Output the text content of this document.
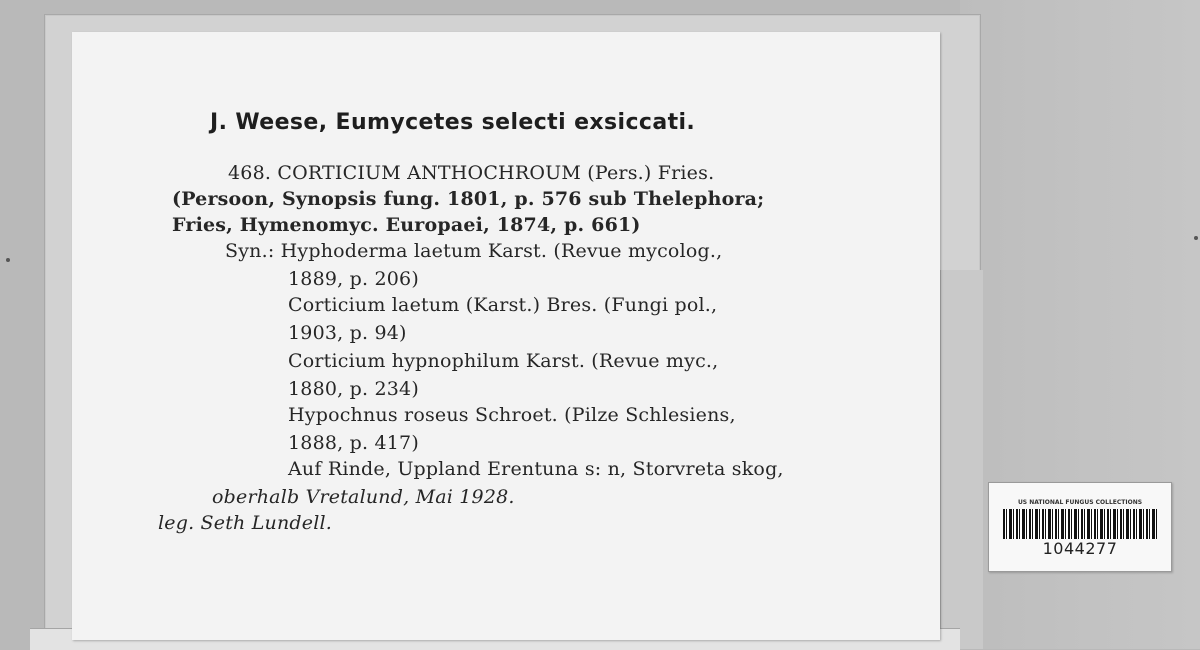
J. Weese, Eumycetes selecti exsiccati.
468. CORTICIUM ANTHOCHROUM (Pers.) Fries.
(Persoon, Synopsis fung. 1801, p. 576 sub Thelephora;
Fries, Hymenomyc. Europaei, 1874, p. 661)
Syn.: Hyphoderma laetum Karst. (Revue mycolog.,
1889, p. 206)
Corticium laetum (Karst.) Bres. (Fungi pol.,
1903, p. 94)
Corticium hypnophilum Karst. (Revue myc.,
1880, p. 234)
Hypochnus roseus Schroet. (Pilze Schlesiens,
1888, p. 417)
Auf Rinde, Uppland Erentuna s: n, Storvreta skog,
oberhalb Vretalund, Mai 1928.
leg. Seth Lundell.
US NATIONAL FUNGUS COLLECTIONS
1044277
